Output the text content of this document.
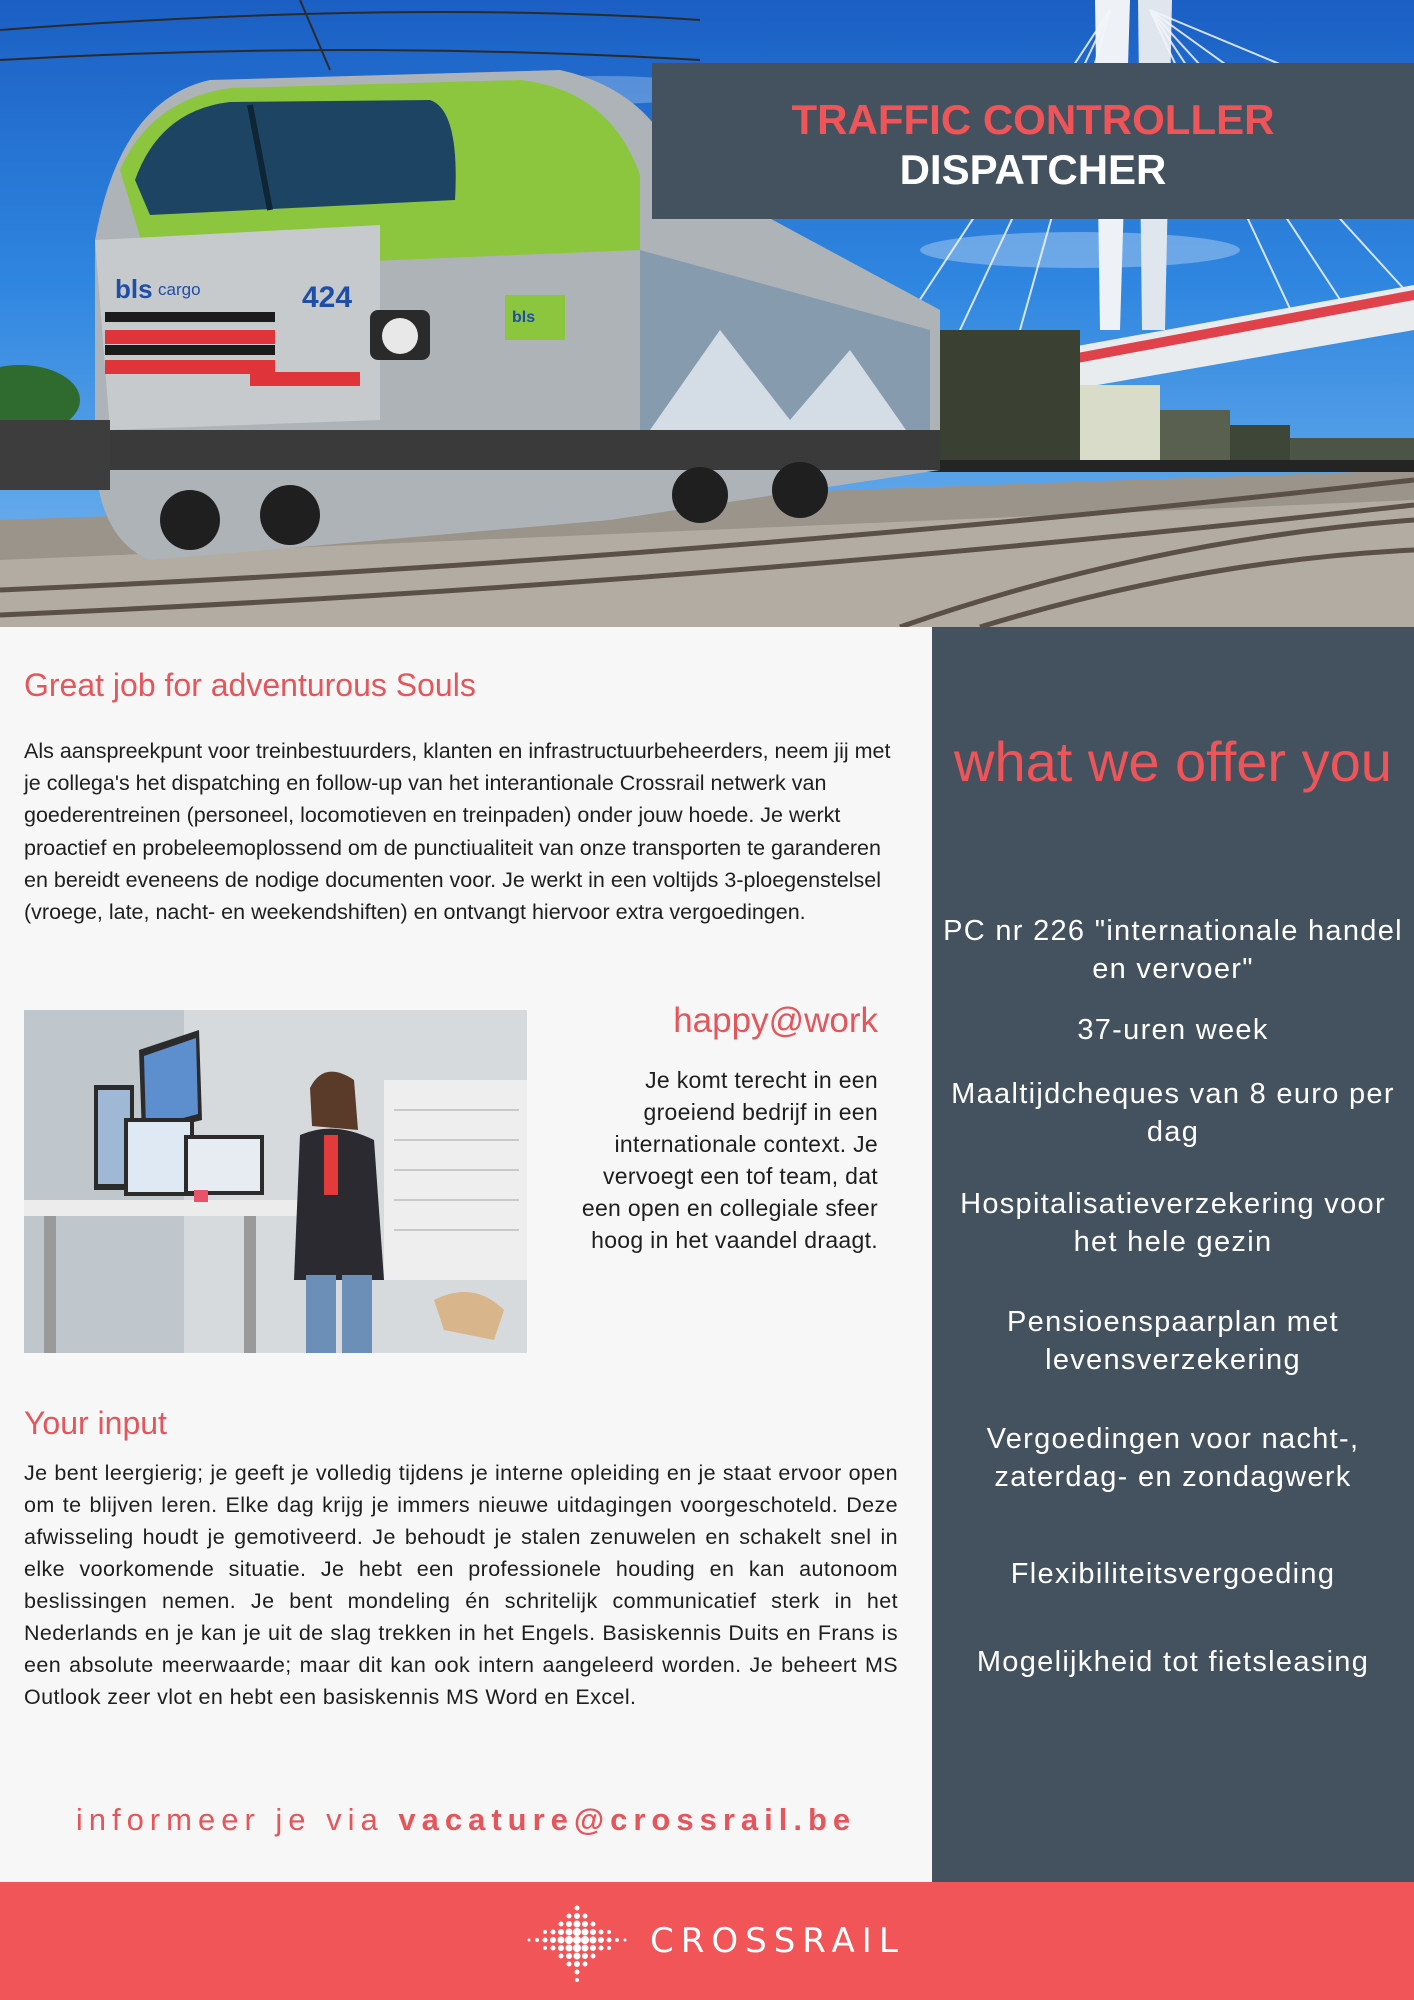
bls cargo	424
bls
TRAFFIC CONTROLLER
DISPATCHER
Great job for adventurous Souls
Als aanspreekpunt voor treinbestuurders, klanten en infrastructuurbeheerders, neem jij met je collega's het dispatching en follow-up van het interantionale Crossrail netwerk van goederentreinen (personeel, locomotieven en treinpaden) onder jouw hoede. Je werkt proactief en probeleemoplossend om de punctiualiteit van onze transporten te garanderen en bereidt eveneens de nodige documenten voor. Je werkt in een voltijds 3-ploegenstelsel (vroege, late, nacht- en weekendshiften) en ontvangt hiervoor extra vergoedingen.
happy@work
Je komt terecht in een groeiend bedrijf in een internationale context. Je vervoegt een tof team, dat een open en collegiale sfeer hoog in het vaandel draagt.
Your input
Je bent leergierig; je geeft je volledig tijdens je interne opleiding en je staat ervoor open om te blijven leren. Elke dag krijg je immers nieuwe uitdagingen voorgeschoteld. Deze afwisseling houdt je gemotiveerd. Je behoudt je stalen zenuwelen en schakelt snel in elke voorkomende situatie. Je hebt een professionele houding en kan autonoom beslissingen nemen. Je bent mondeling én schritelijk communicatief sterk in het Nederlands en je kan je uit de slag trekken in het Engels. Basiskennis Duits en Frans is een absolute meerwaarde; maar dit kan ook intern aangeleerd worden. Je beheert MS Outlook zeer vlot en hebt een basiskennis MS Word en Excel.
informeer je via vacature@crossrail.be
what we offer you
PC nr 226 "internationale handel en vervoer"
37-uren week
Maaltijdcheques van 8 euro per dag
Hospitalisatieverzekering voor het hele gezin
Pensioenspaarplan met levensverzekering
Vergoedingen voor nacht-, zaterdag- en zondagwerk
Flexibiliteitsvergoeding
Mogelijkheid tot fietsleasing
CROSSRAIL
